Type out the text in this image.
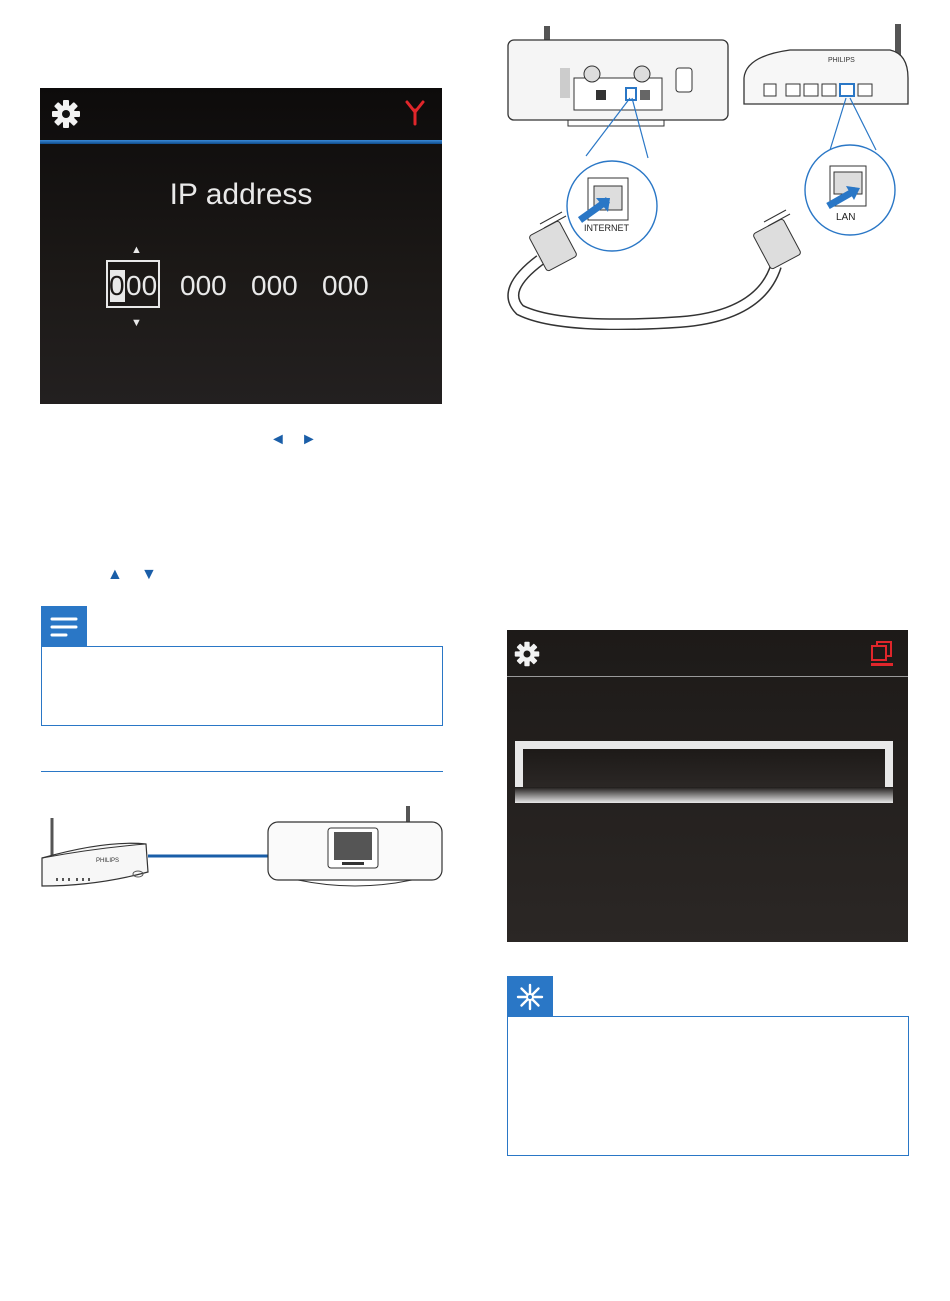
IP address
▲
0 00 000 000 000
▼
◄ ►
▲ ▼
PHILIPS
PHILIPS
INTERNET
LAN
